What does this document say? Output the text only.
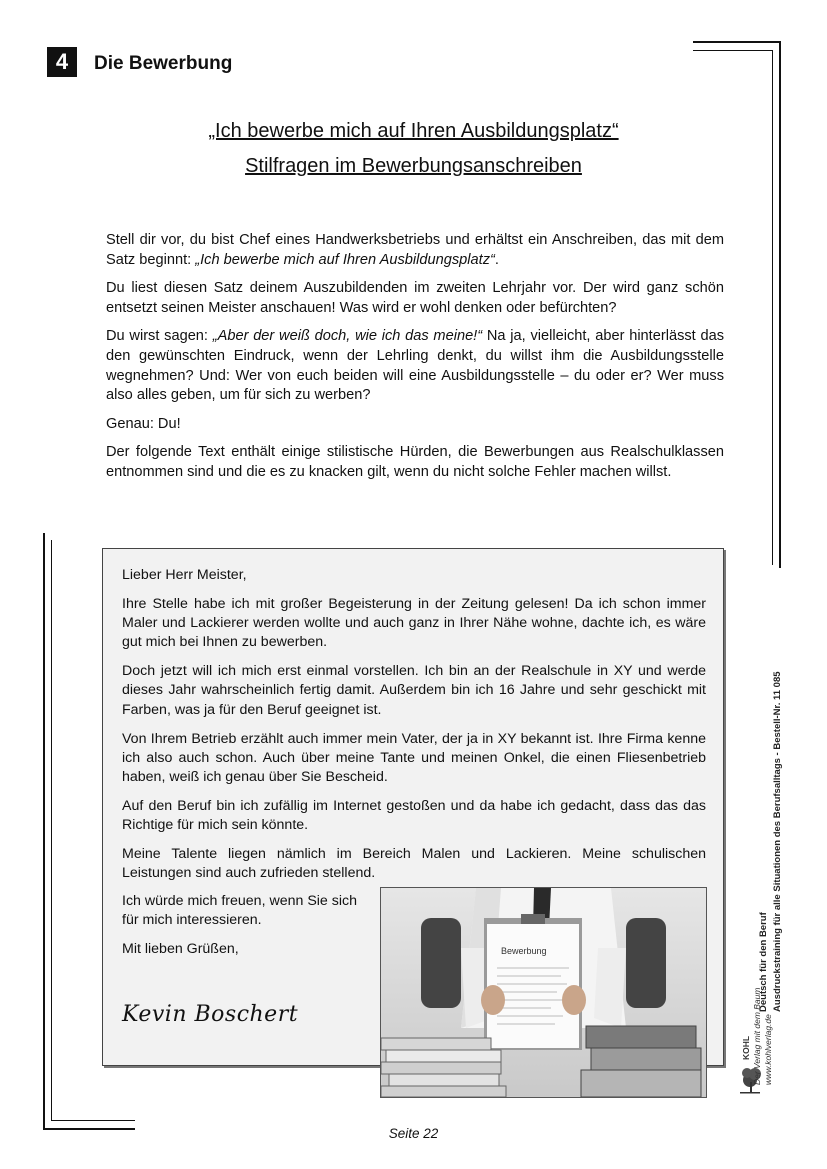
4	Die Bewerbung
„Ich bewerbe mich auf Ihren Ausbildungsplatz“
Stilfragen im Bewerbungsanschreiben

Stell dir vor, du bist Chef eines Handwerksbetriebs und erhältst ein Anschreiben, das mit dem Satz beginnt: „Ich bewerbe mich auf Ihren Ausbildungsplatz“.

Du liest diesen Satz deinem Auszubildenden im zweiten Lehrjahr vor. Der wird ganz schön entsetzt seinen Meister anschauen! Was wird er wohl denken oder befürchten?

Du wirst sagen: „Aber der weiß doch, wie ich das meine!“ Na ja, vielleicht, aber hinterlässt das den gewünschten Eindruck, wenn der Lehrling denkt, du willst ihm die Ausbildungsstelle wegnehmen? Und: Wer von euch beiden will eine Ausbildungsstelle – du oder er? Wer muss also alles geben, um für sich zu werben?

Genau: Du!

Der folgende Text enthält einige stilistische Hürden, die Bewerbungen aus Realschulklassen entnommen sind und die es zu knacken gilt, wenn du nicht solche Fehler machen willst.

Lieber Herr Meister,

Ihre Stelle habe ich mit großer Begeisterung in der Zeitung gelesen! Da ich schon immer Maler und Lackierer werden wollte und auch ganz in Ihrer Nähe wohne, dachte ich, es wäre gut mich bei Ihnen zu bewerben.

Doch jetzt will ich mich erst einmal vorstellen. Ich bin an der Realschule in XY und werde dieses Jahr wahrscheinlich fertig damit. Außerdem bin ich 16 Jahre und sehr geschickt mit Farben, was ja für den Beruf geeignet ist.

Von Ihrem Betrieb erzählt auch immer mein Vater, der ja in XY bekannt ist. Ihre Firma kenne ich also auch schon. Auch über meine Tante und meinen Onkel, die einen Fliesenbetrieb haben, weiß ich genau über Sie Bescheid.

Auf den Beruf bin ich zufällig im Internet gestoßen und da habe ich gedacht, dass das das Richtige für mich sein könnte.

Meine Talente liegen nämlich im Bereich Malen und Lackieren. Meine schulischen Leistungen sind auch zufrieden stellend.

Ich würde mich freuen, wenn Sie sich für mich interessieren.

Mit lieben Grüßen,

Kevin Boschert
Bewerbung	Deutsch für den Beruf Ausdruckstraining für alle Situationen des Berufsalltags - Bestell-Nr. 11 085
KOHL Der Verlag mit dem Baum www.kohlverlag.de
Seite 22
